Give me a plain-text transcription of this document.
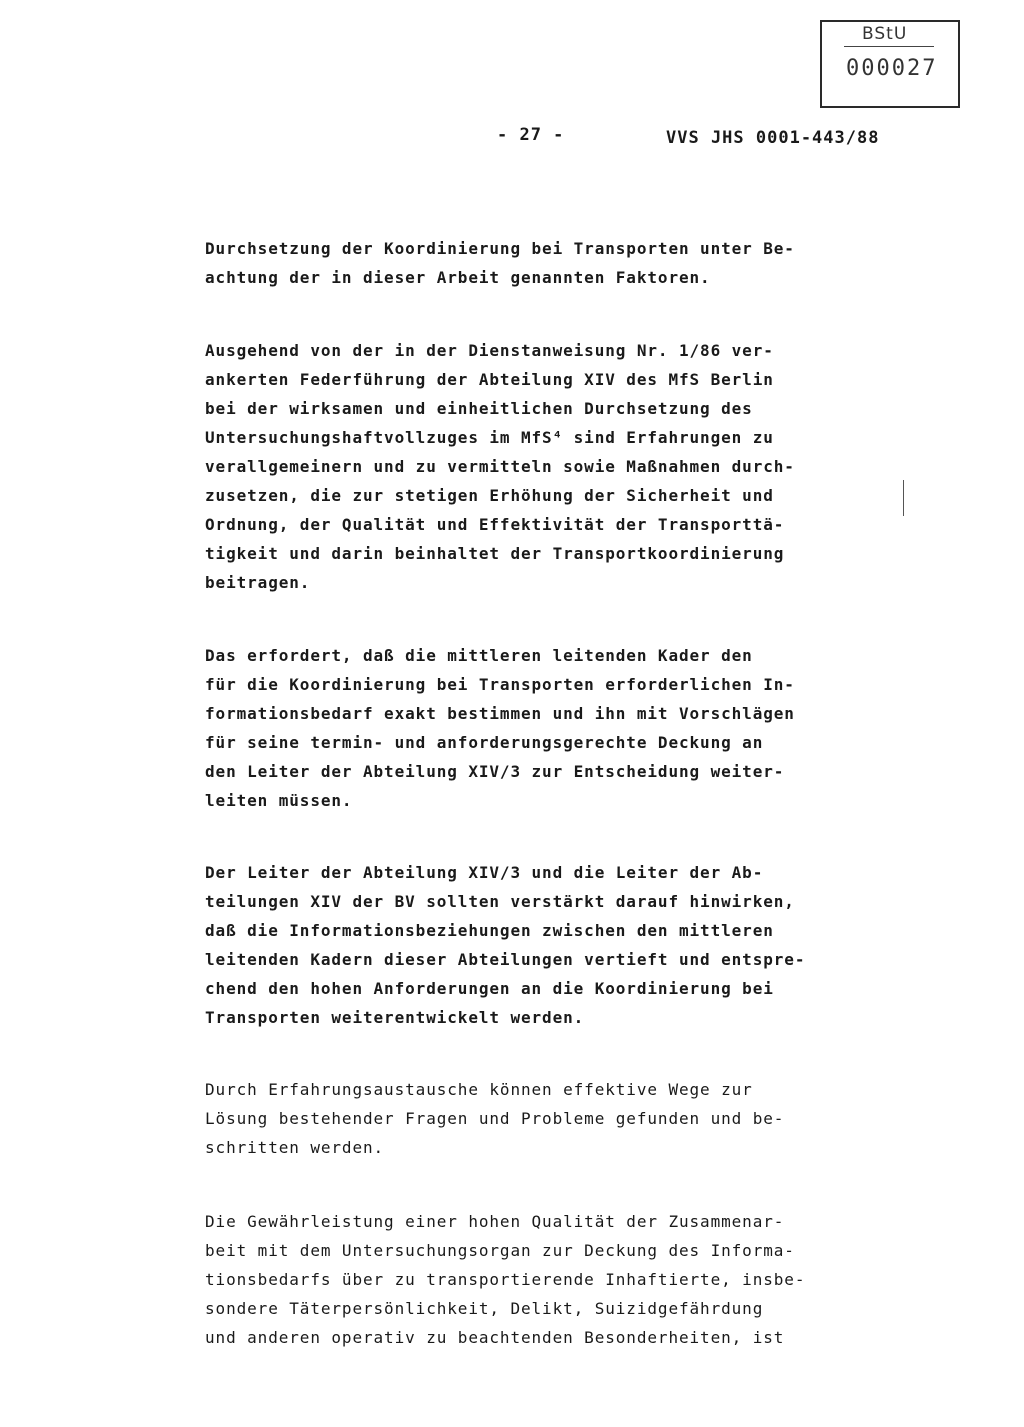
BStU
000027
- 27 -	VVS JHS 0001-443/88
Durchsetzung der Koordinierung bei Transporten unter Be-
achtung der in dieser Arbeit genannten Faktoren.
Ausgehend von der in der Dienstanweisung Nr. 1/86 ver-
ankerten Federführung der Abteilung XIV des MfS Berlin
bei der wirksamen und einheitlichen Durchsetzung des
Untersuchungshaftvollzuges im MfS⁴ sind Erfahrungen zu
verallgemeinern und zu vermitteln sowie Maßnahmen durch-
zusetzen, die zur stetigen Erhöhung der Sicherheit und
Ordnung, der Qualität und Effektivität der Transporttä-
tigkeit und darin beinhaltet der Transportkoordinierung
beitragen.
Das erfordert, daß die mittleren leitenden Kader den
für die Koordinierung bei Transporten erforderlichen In-
formationsbedarf exakt bestimmen und ihn mit Vorschlägen
für seine termin- und anforderungsgerechte Deckung an
den Leiter der Abteilung XIV/3 zur Entscheidung weiter-
leiten müssen.
Der Leiter der Abteilung XIV/3 und die Leiter der Ab-
teilungen XIV der BV sollten verstärkt darauf hinwirken,
daß die Informationsbeziehungen zwischen den mittleren
leitenden Kadern dieser Abteilungen vertieft und entspre-
chend den hohen Anforderungen an die Koordinierung bei
Transporten weiterentwickelt werden.
Durch Erfahrungsaustausche können effektive Wege zur
Lösung bestehender Fragen und Probleme gefunden und be-
schritten werden.
Die Gewährleistung einer hohen Qualität der Zusammenar-
beit mit dem Untersuchungsorgan zur Deckung des Informa-
tionsbedarfs über zu transportierende Inhaftierte, insbe-
sondere Täterpersönlichkeit, Delikt, Suizidgefährdung
und anderen operativ zu beachtenden Besonderheiten, ist
